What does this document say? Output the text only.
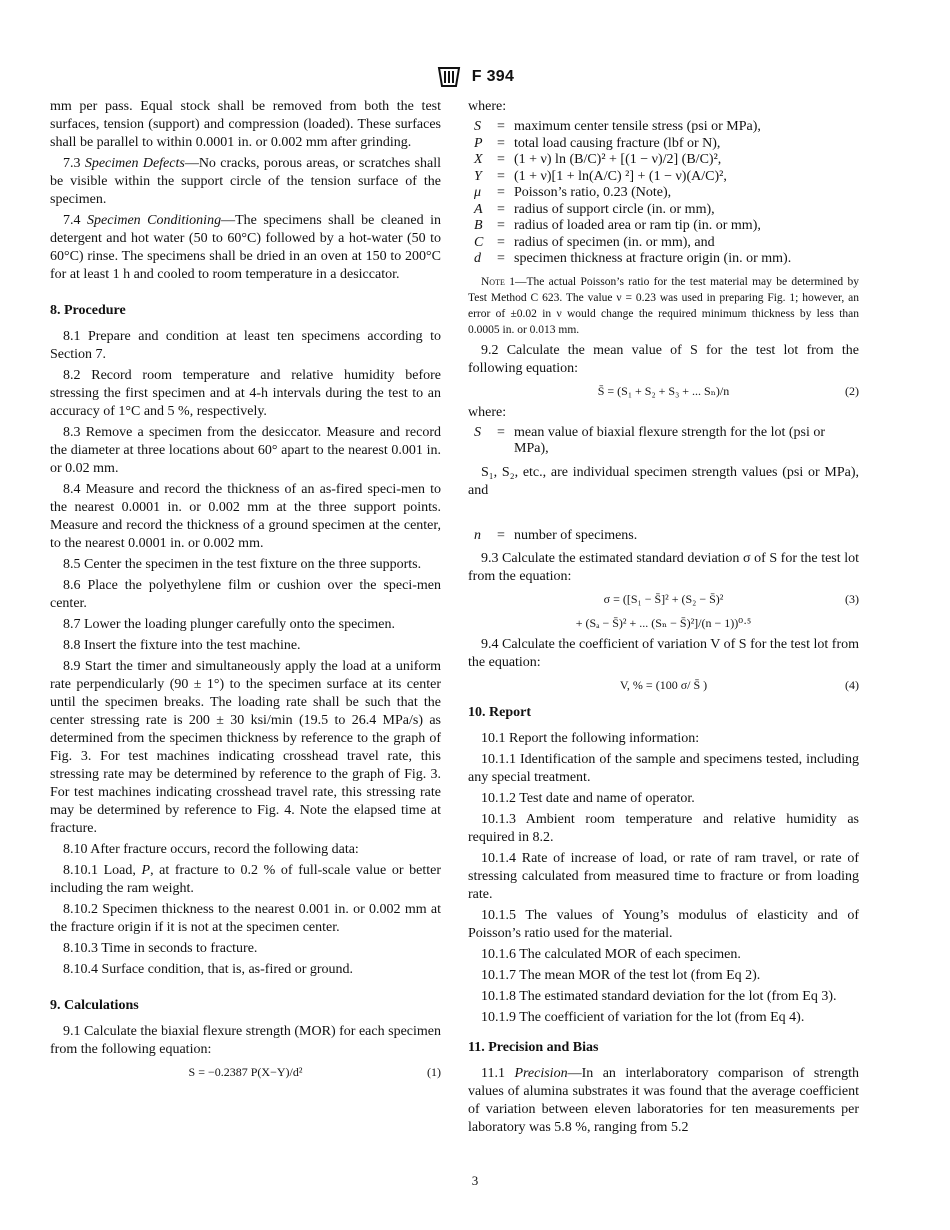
F 394

mm per pass. Equal stock shall be removed from both the test surfaces, tension (support) and compression (loaded). These surfaces shall be parallel to within 0.0001 in. or 0.002 mm after grinding.

7.3 Specimen Defects—No cracks, porous areas, or scratches shall be visible within the support circle of the tension surface of the specimen.

7.4 Specimen Conditioning—The specimens shall be cleaned in detergent and hot water (50 to 60°C) followed by a hot-water (50 to 60°C) rinse. The specimens shall be dried in an oven at 150 to 200°C for at least 1 h and cooled to room temperature in a desiccator.

8. Procedure

8.1 Prepare and condition at least ten specimens according to Section 7.

8.2 Record room temperature and relative humidity before stressing the first specimen and at 4-h intervals during the test to an accuracy of 1°C and 5 %, respectively.

8.3 Remove a specimen from the desiccator. Measure and record the diameter at three locations about 60° apart to the nearest 0.001 in. or 0.02 mm.

8.4 Measure and record the thickness of an as-fired speci-men to the nearest 0.0001 in. or 0.002 mm at the three support points. Measure and record the thickness of a ground specimen at the center, to the nearest 0.0001 in. or 0.002 mm.

8.5 Center the specimen in the test fixture on the three supports.

8.6 Place the polyethylene film or cushion over the speci-men center.

8.7 Lower the loading plunger carefully onto the specimen.

8.8 Insert the fixture into the test machine.

8.9 Start the timer and simultaneously apply the load at a uniform rate perpendicularly (90 ± 1°) to the specimen surface at its center until the specimen breaks. The loading rate shall be such that the center stressing rate is 200 ± 30 ksi/min (19.5 to 26.4 MPa/s) as determined from the specimen thickness by reference to the graph of Fig. 3. For test machines indicating crosshead travel rate, this stressing rate may be determined by reference to the graph of Fig. 3. For test machines indicating crosshead travel rate, this stressing rate may be determined by reference to Fig. 4. Note the elapsed time at fracture.

8.10 After fracture occurs, record the following data:

8.10.1 Load, P, at fracture to 0.2 % of full-scale value or better including the ram weight.

8.10.2 Specimen thickness to the nearest 0.001 in. or 0.002 mm at the fracture origin if it is not at the specimen center.

8.10.3 Time in seconds to fracture.

8.10.4 Surface condition, that is, as-fired or ground.

9. Calculations

9.1 Calculate the biaxial flexure strength (MOR) for each specimen from the following equation:

S = −0.2387 P(X−Y)/d²	(1)

where:

S	= maximum center tensile stress (psi or MPa),
P	= total load causing fracture (lbf or N),
X	= (1 + ν) ln (B/C)² + [(1 − ν)/2] (B/C)²,
Y	= (1 + ν)[1 + ln(A/C) ²] + (1 − ν)(A/C)²,
μ	= Poisson’s ratio, 0.23 (Note),
A	= radius of support circle (in. or mm),
B	= radius of loaded area or ram tip (in. or mm),
C = radius of specimen (in. or mm), and
d	= specimen thickness at fracture origin (in. or mm).
Note 1—The actual Poisson’s ratio for the test material may be determined by Test Method C 623. The value ν = 0.23 was used in preparing Fig. 1; however, an error of ±0.02 in ν would change the required minimum thickness by less than 0.0005 in. or 0.013 mm.

9.2 Calculate the mean value of S for the test lot from the following equation:

S̄ = (S₁ + S₂ + S₃ + ... Sₙ)/n	(2)

where:

S	= mean value of biaxial flexure strength for the lot (psi or MPa),

S₁, S₂, etc., are individual specimen strength values (psi or MPa), and

n	= number of specimens.

9.3 Calculate the estimated standard deviation σ of S for the test lot from the equation:

σ = ([S₁ − S̄]² + (S₂ − S̄)²	(3)
+ (Sₐ − S̄)² + ... (Sₙ − S̄)²]/(n − 1))⁰·⁵

9.4 Calculate the coefficient of variation V of S for the test lot from the equation:

V, % = (100 σ/ S̄ )	(4)
10. Report

10.1 Report the following information:

10.1.1 Identification of the sample and specimens tested, including any special treatment.

10.1.2 Test date and name of operator.

10.1.3 Ambient room temperature and relative humidity as required in 8.2.

10.1.4 Rate of increase of load, or rate of ram travel, or rate of stressing calculated from measured time to fracture or from loading rate.

10.1.5 The values of Young’s modulus of elasticity and of Poisson’s ratio used for the material.

10.1.6 The calculated MOR of each specimen.

10.1.7 The mean MOR of the test lot (from Eq 2).

10.1.8 The estimated standard deviation for the lot (from Eq 3).

10.1.9 The coefficient of variation for the lot (from Eq 4).

11. Precision and Bias

11.1 Precision—In an interlaboratory comparison of strength values of alumina substrates it was found that the average coefficient of variation between eleven laboratories for ten measurements per laboratory was 5.8 %, ranging from 5.2

3
